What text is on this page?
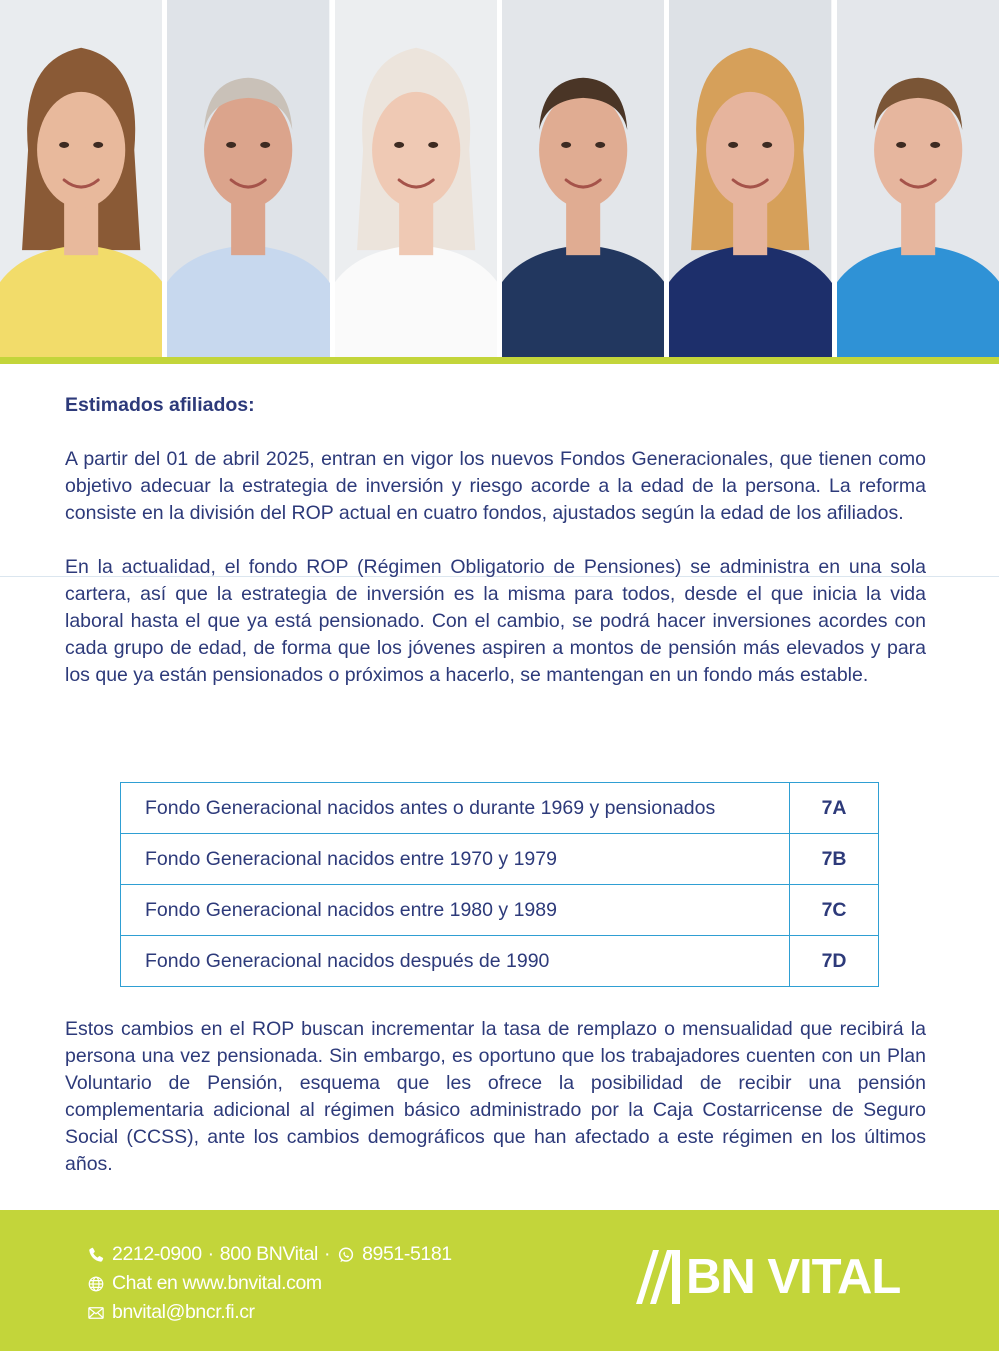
Estimados afiliados:

A partir del 01 de abril 2025, entran en vigor los nuevos Fondos Generacionales, que tienen como objetivo adecuar la estrategia de inversión y riesgo acorde a la edad de la persona. La reforma consiste en la división del ROP actual en cuatro fondos, ajustados según la edad de los afiliados.

En la actualidad, el fondo ROP (Régimen Obligatorio de Pensiones) se administra en una sola cartera, así que la estrategia de inversión es la misma para todos, desde el que inicia la vida laboral hasta el que ya está pensionado. Con el cambio, se podrá hacer inversiones acordes con cada grupo de edad, de forma que los jóvenes aspiren a montos de pensión más elevados y para los que ya están pensionados o próximos a hacerlo, se mantengan en un fondo más estable.

Fondo Generacional nacidos antes o durante 1969 y pensionados	7A
Fondo Generacional nacidos entre 1970 y 1979	7B
Fondo Generacional nacidos entre 1980 y 1989	7C
Fondo Generacional nacidos después de 1990	7D

Estos cambios en el ROP buscan incrementar la tasa de remplazo o mensualidad que recibirá la persona una vez pensionada. Sin embargo, es oportuno que los trabajadores cuenten con un Plan Voluntario de Pensión, esquema que les ofrece la posibilidad de recibir una pensión complementaria adicional al régimen básico administrado por la Caja Costarricense de Seguro Social (CCSS), ante los cambios demográficos que han afectado a este régimen en los últimos años.

2212-0900 · 800 BNVital · 8951-5181
Chat en www.bnvital.com
bnvital@bncr.fi.cr
BN VITAL
